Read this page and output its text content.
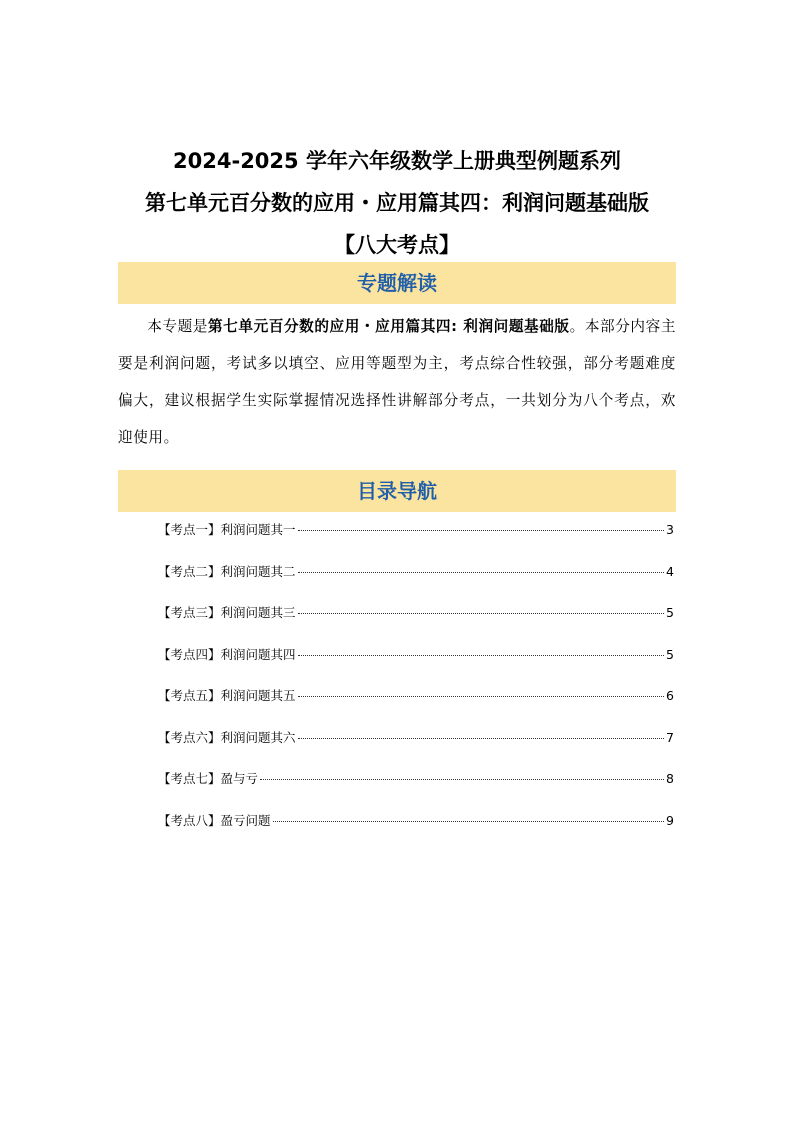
2024-2025 学年六年级数学上册典型例题系列
第七单元百分数的应用・应用篇其四：利润问题基础版
【八大考点】
专题解读
本专题是第七单元百分数的应用・应用篇其四: 利润问题基础版。本部分内容主要是利润问题，考试多以填空、应用等题型为主，考点综合性较强，部分考题难度偏大，建议根据学生实际掌握情况选择性讲解部分考点，一共划分为八个考点，欢迎使用。
目录导航
【考点一】利润问题其一	3
【考点二】利润问题其二	4
【考点三】利润问题其三	5
【考点四】利润问题其四	5
【考点五】利润问题其五	6
【考点六】利润问题其六	7
【考点七】盈与亏	8
【考点八】盈亏问题	9
